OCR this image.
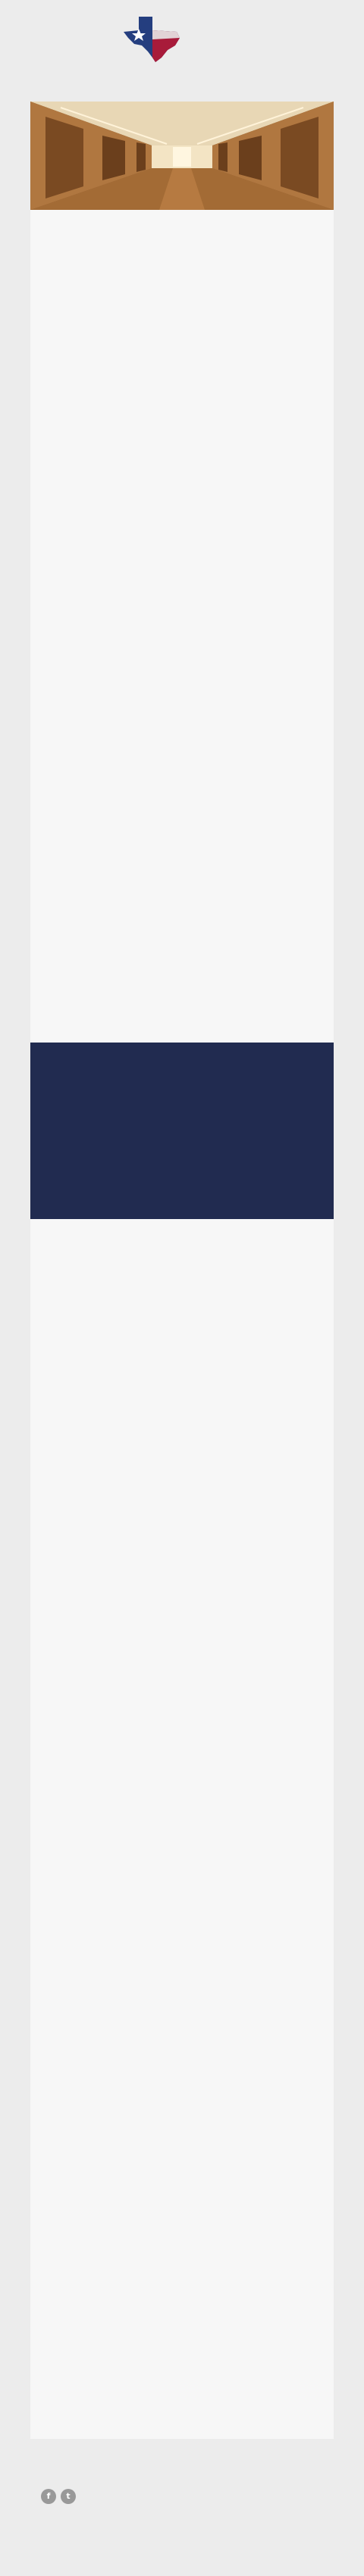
f	t
